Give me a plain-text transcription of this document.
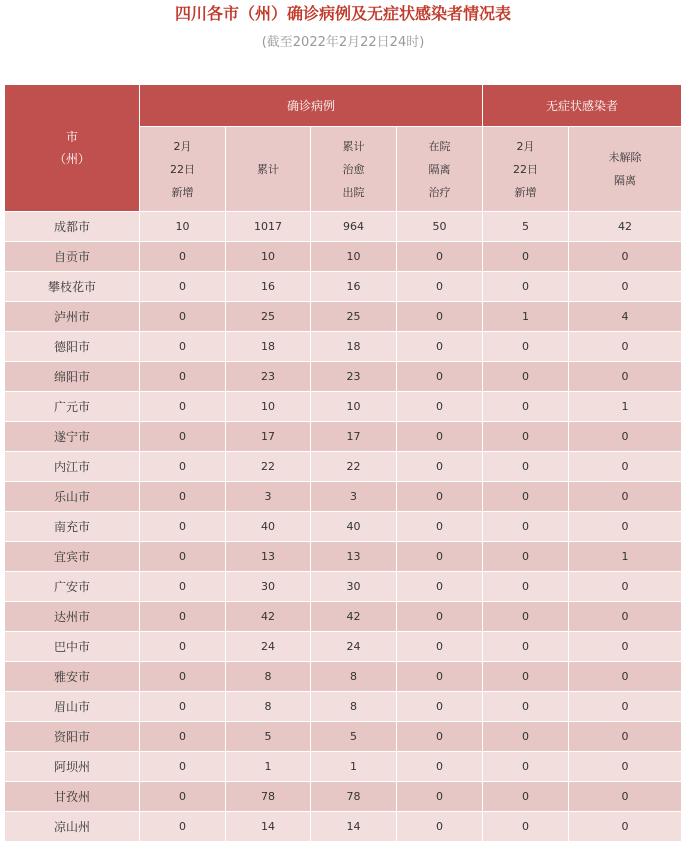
四川各市（州）确诊病例及无症状感染者情况表
(截至2022年2月22日24时)
市
（州）	确诊病例				无症状感染者	

	2月
22日
新增	累计	累计
治愈
出院	在院
隔离
治疗	2月
22日
新增	未解除
隔离

成都市	10	1017	964	50	5	42
自贡市	0	10	10	0	0	0
攀枝花市	0	16	16	0	0	0
泸州市	0	25	25	0	1	4
德阳市	0	18	18	0	0	0
绵阳市	0	23	23	0	0	0
广元市	0	10	10	0	0	1
遂宁市	0	17	17	0	0	0
内江市	0	22	22	0	0	0
乐山市	0	3	3	0	0	0
南充市	0	40	40	0	0	0
宜宾市	0	13	13	0	0	1
广安市	0	30	30	0	0	0
达州市	0	42	42	0	0	0
巴中市	0	24	24	0	0	0
雅安市	0	8	8	0	0	0
眉山市	0	8	8	0	0	0
资阳市	0	5	5	0	0	0
阿坝州	0	1	1	0	0	0
甘孜州	0	78	78	0	0	0
凉山州	0	14	14	0	0	0
